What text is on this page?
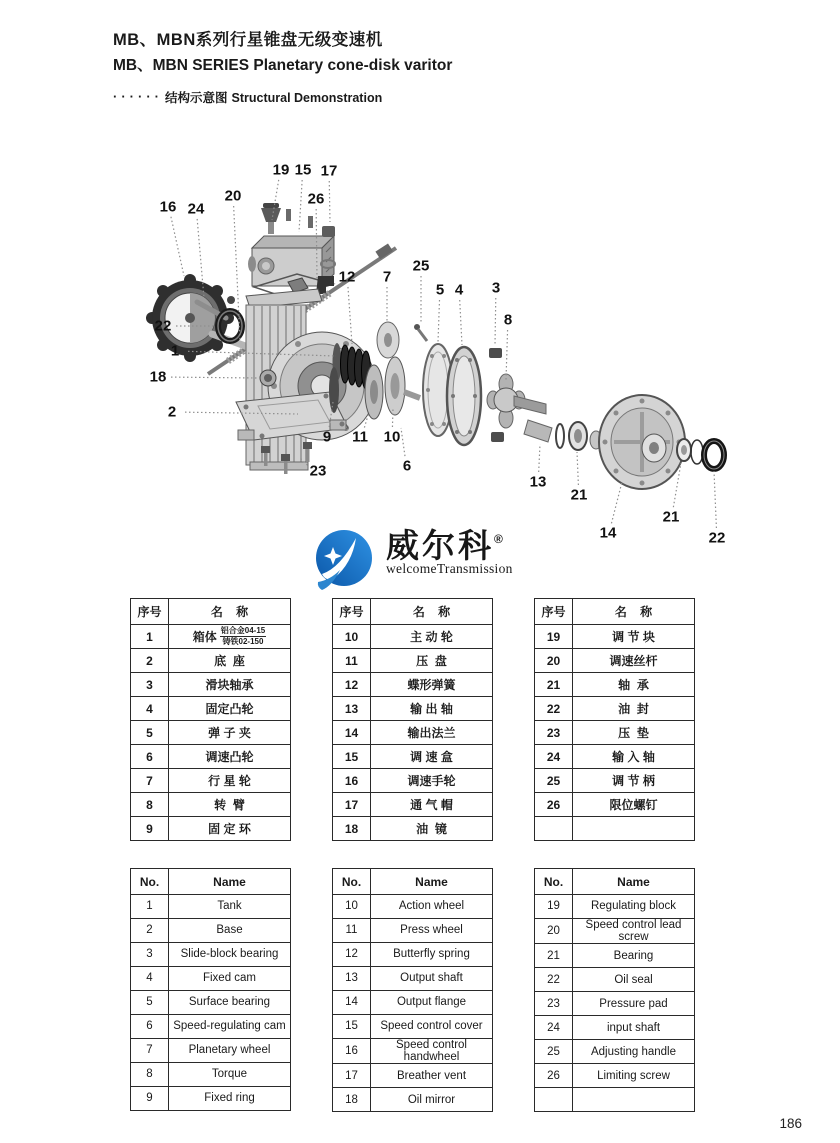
MB、MBN系列行星锥盘无级变速机
MB、MBN SERIES Planetary cone-disk varitor
······ 结构示意图 Structural Demonstration
19 15 17
26
16 24
20
22
1
18
2
9 11 10
23	6
12 7
25
5 4 3
8
13
21
14
21
22
威尔科®
welcomeTransmission
序号	名    称
1	箱体 $\frac{\text{铝合金04-15}}{\text{铸铁02-150}}$

2	底  座
3	滑块轴承
4	固定凸轮
5	弹 子 夹
6	调速凸轮
7	行 星 轮
8	转  臂
9	固 定 环
序号	名    称
10	主 动 轮
11	压  盘
12	蝶形弹簧
13	输 出 轴
14	输出法兰
15	调 速 盒
16	调速手轮
17	通 气 帽
18	油  镜
序号	名    称
19	调 节 块
20	调速丝杆
21	轴  承
22	油  封
23	压  垫
24	输 入 轴
25	调 节 柄
26	限位螺钉

No.	Name
1	Tank
2	Base
3	Slide-block bearing
4	Fixed cam
5	Surface bearing
6	Speed-regulating cam
7	Planetary wheel
8	Torque
9	Fixed ring
No.	Name
10	Action wheel
11	Press wheel
12	Butterfly spring
13	Output shaft
14	Output flange
15	Speed control cover
16	Speed control handwheel
17	Breather vent
18	Oil mirror
No.	Name
19	Regulating block
20	Speed control lead screw
21	Bearing
22	Oil seal
23	Pressure pad
24	input shaft
25	Adjusting handle
26	Limiting screw

186
